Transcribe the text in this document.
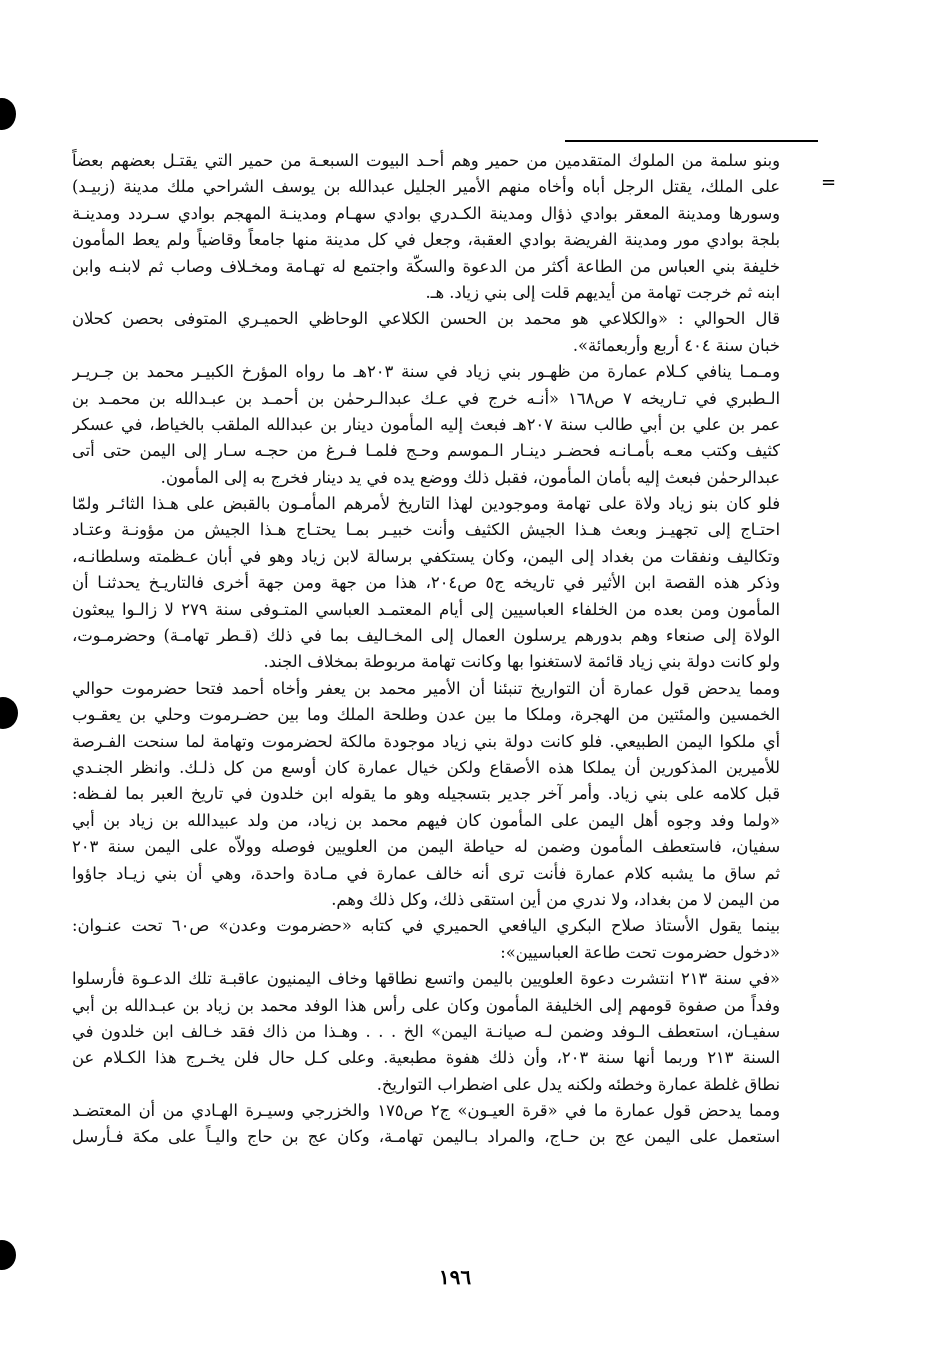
=
وبنو سلمة من الملوك المتقدمين من حمير وهم أحـد البيوت السبعـة من حمير التي يقتـل بعضهم بعضاً
على الملك، يقتل الرجل أباه وأخاه منهم الأمير الجليل عبدالله بن يوسف الشراحي ملك مدينة (زبيـد)
وسورها ومدينة المعقر بوادي ذؤال ومدينة الكـدري بوادي سهـام ومدينـة المهجم بوادي سـردد ومدينـة
بلجة بوادي مور ومدينة الفريضة بوادي العقبة، وجعل في كل مدينة منها جامعاً وقاضياً ولم يعط المأمون
خليفة بني العباس من الطاعة أكثر من الدعوة والسكّة واجتمع له تهـامة ومخـلاف وصاب ثم لابنـه وابن
ابنه ثم خرجت تهامة من أيديهم قلت إلى بني زياد. هـ.
قال الحوالي : «والكلاعي هو محمد بن الحسن الكلاعي الوحاظي الحميـري المتوفى بحصن كحلان
خبان سنة ٤٠٤ أربع وأربعمائة».
ومـمـا ينافي كـلام عمارة من ظهـور بني زياد في سنة ٢٠٣هـ ما رواه المؤرخ الكبيـر محمد بن جـريـر
الـطبري في تـاريخه ٧ ص١٦٨ «أنـه خرج في عـك عبدالـرحمٰن بن أحمـد بن عبـدالله بن محمـد بن
عمر بن علي بن أبي طالب سنة ٢٠٧هـ فبعث إليه المأمون دينار بن عبدالله الملقب بالخياط، في عسكر
كثيف وكتب معـه بأمـانـه فحضـر دينـار الـموسم وحـج فلمـا فـرغ من حجـه سـار إلى اليمن حتى أتى
عبدالرحمٰن فبعث إليه بأمان المأمون، فقبل ذلك ووضع يده في يد دينار فخرج به إلى المأمون.
فلو كان بنو زياد ولاة على تهامة وموجودين لهذا التاريخ لأمرهم المأمـون بالقبض على هـذا الثائـر ولمّا
احتـاج إلى تجهيـز وبعث هـذا الجيش الكثيف وأنت خبيـر بمـا يحتـاج هـذا الجيش من مؤونـة وعتـاد
وتكاليف ونفقات من بغداد إلى اليمن، وكان يستكفي برسالة لابن زياد وهو في أبان عـظمته وسلطانـه،
وذكر هذه القصة ابن الأثير في تاريخه ج٥ ص٢٠٤، هذا من جهة ومن جهة أخرى فالتاريـخ يحدثنـا أن
المأمون ومن بعده من الخلفاء العباسيين إلى أيام المعتمـد العباسي المتـوفى سنة ٢٧٩ لا زالـوا يبعثون
الولاة إلى صنعاء وهم بدورهم يرسلون العمال إلى المخـاليف بما في ذلك (قـطر تهامـة) وحضرمـوت،
ولو كانت دولة بني زياد قائمة لاستغنوا بها وكانت تهامة مربوطة بمخلاف الجند.
ومما يدحض قول عمارة أن التواريخ تنبئنا أن الأمير محمد بن يعفر وأخاه أحمد فتحا حضرموت حوالي
الخمسين والمئتين من الهجرة، وملكا ما بين عدن وطلحة الملك وما بين حضـرموت وحلي بن يعقـوب
أي ملكوا اليمن الطبيعي. فلو كانت دولة بني زياد موجودة مالكة لحضرموت وتهامة لما سنحت الفـرصة
للأميرين المذكورين أن يملكا هذه الأصقاع ولكن خيال عمارة كان أوسع من كل ذلـك. وانظر الجنـدي
قبل كلامه على بني زياد. وأمر آخر جدير بتسجيله وهو ما يقوله ابن خلدون في تاريخ العبر بما لفـظه:
«ولما وفد وجوه أهل اليمن على المأمون كان فيهم محمد بن زياد، من ولد عبيدالله بن زياد بن أبي
سفيان، فاستعطف المأمون وضمن له حياطة اليمن من العلويين فوصله وولاّه على اليمن سنة ٢٠٣
ثم ساق ما يشبه كلام عمارة فأنت ترى أنه خالف عمارة في مـادة واحدة، وهي أن بني زيـاد جاؤوا
من اليمن لا من بغداد، ولا ندري من أين استقى ذلك، وكل ذلك وهم.
بينما يقول الأستاذ صلاح البكري اليافعي الحميري في كتابه «حضرموت وعدن» ص٦٠ تحت عنـوان:
«دخول حضرموت تحت طاعة العباسيين»:
«في سنة ٢١٣ انتشرت دعوة العلويين باليمن واتسع نطاقها وخاف اليمنيون عاقبـة تلك الدعـوة فأرسلوا
وفداً من صفوة قومهم إلى الخليفة المأمون وكان على رأس هذا الوفد محمد بن زياد بن عبـدالله بن أبي
سفيـان، استعطف الـوفد وضمن لـه صيانـة اليمن» الخ . . . وهـذا من ذاك فقد خـالف ابن خلدون في
السنة ٢١٣ وربما أنها سنة ٢٠٣، وأن ذلك هفوة مطبعية. وعلى كـل حال فلن يخـرج هذا الكـلام عن
نطاق غلطة عمارة وخطئه ولكنه يدل على اضطراب التواريخ.
ومما يدحض قول عمارة ما في «قرة العيـون» ج٢ ص١٧٥ والخزرجي وسيـرة الهـادي من أن المعتضـد
استعمل على اليمن عج بن حـاج، والمراد بـاليمن تهامـة، وكان عج بن حاج واليـاً على مكة فـأرسل
١٩٦
